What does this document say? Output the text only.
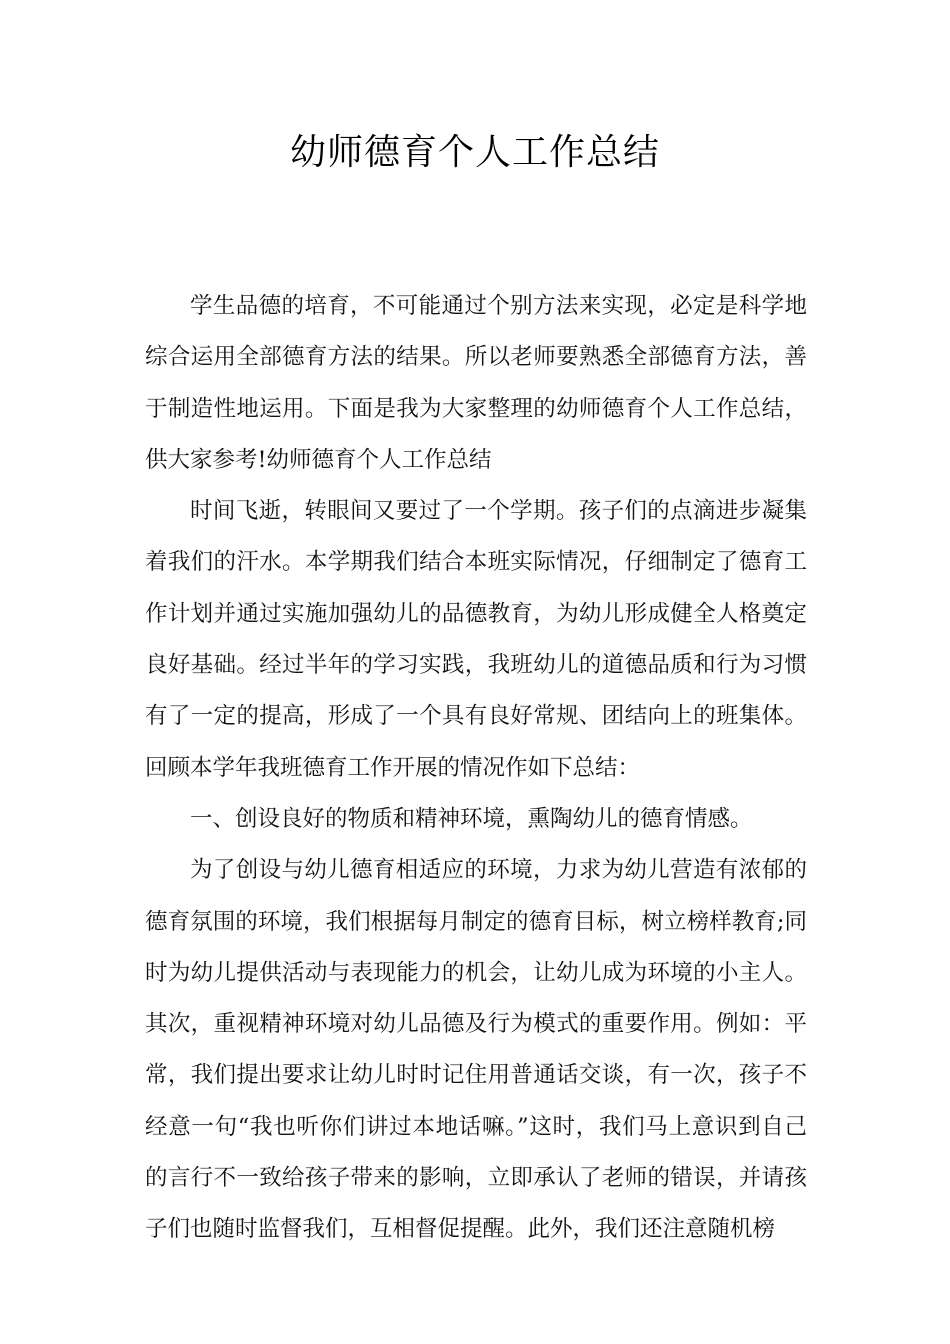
幼师德育个人工作总结

学生品德的培育，不可能通过个别方法来实现，必定是科学地综合运用全部德育方法的结果。所以老师要熟悉全部德育方法，善于制造性地运用。下面是我为大家整理的幼师德育个人工作总结，供大家参考!幼师德育个人工作总结

时间飞逝，转眼间又要过了一个学期。孩子们的点滴进步凝集着我们的汗水。本学期我们结合本班实际情况，仔细制定了德育工作计划并通过实施加强幼儿的品德教育，为幼儿形成健全人格奠定良好基础。经过半年的学习实践，我班幼儿的道德品质和行为习惯有了一定的提高，形成了一个具有良好常规、团结向上的班集体。回顾本学年我班德育工作开展的情况作如下总结：

一、创设良好的物质和精神环境，熏陶幼儿的德育情感。

为了创设与幼儿德育相适应的环境，力求为幼儿营造有浓郁的德育氛围的环境，我们根据每月制定的德育目标，树立榜样教育;同时为幼儿提供活动与表现能力的机会，让幼儿成为环境的小主人。其次，重视精神环境对幼儿品德及行为模式的重要作用。例如：平常，我们提出要求让幼儿时时记住用普通话交谈，有一次，孩子不经意一句“我也听你们讲过本地话嘛。”这时，我们马上意识到自己的言行不一致给孩子带来的影响，立即承认了老师的错误，并请孩子们也随时监督我们，互相督促提醒。此外，我们还注意随机榜
